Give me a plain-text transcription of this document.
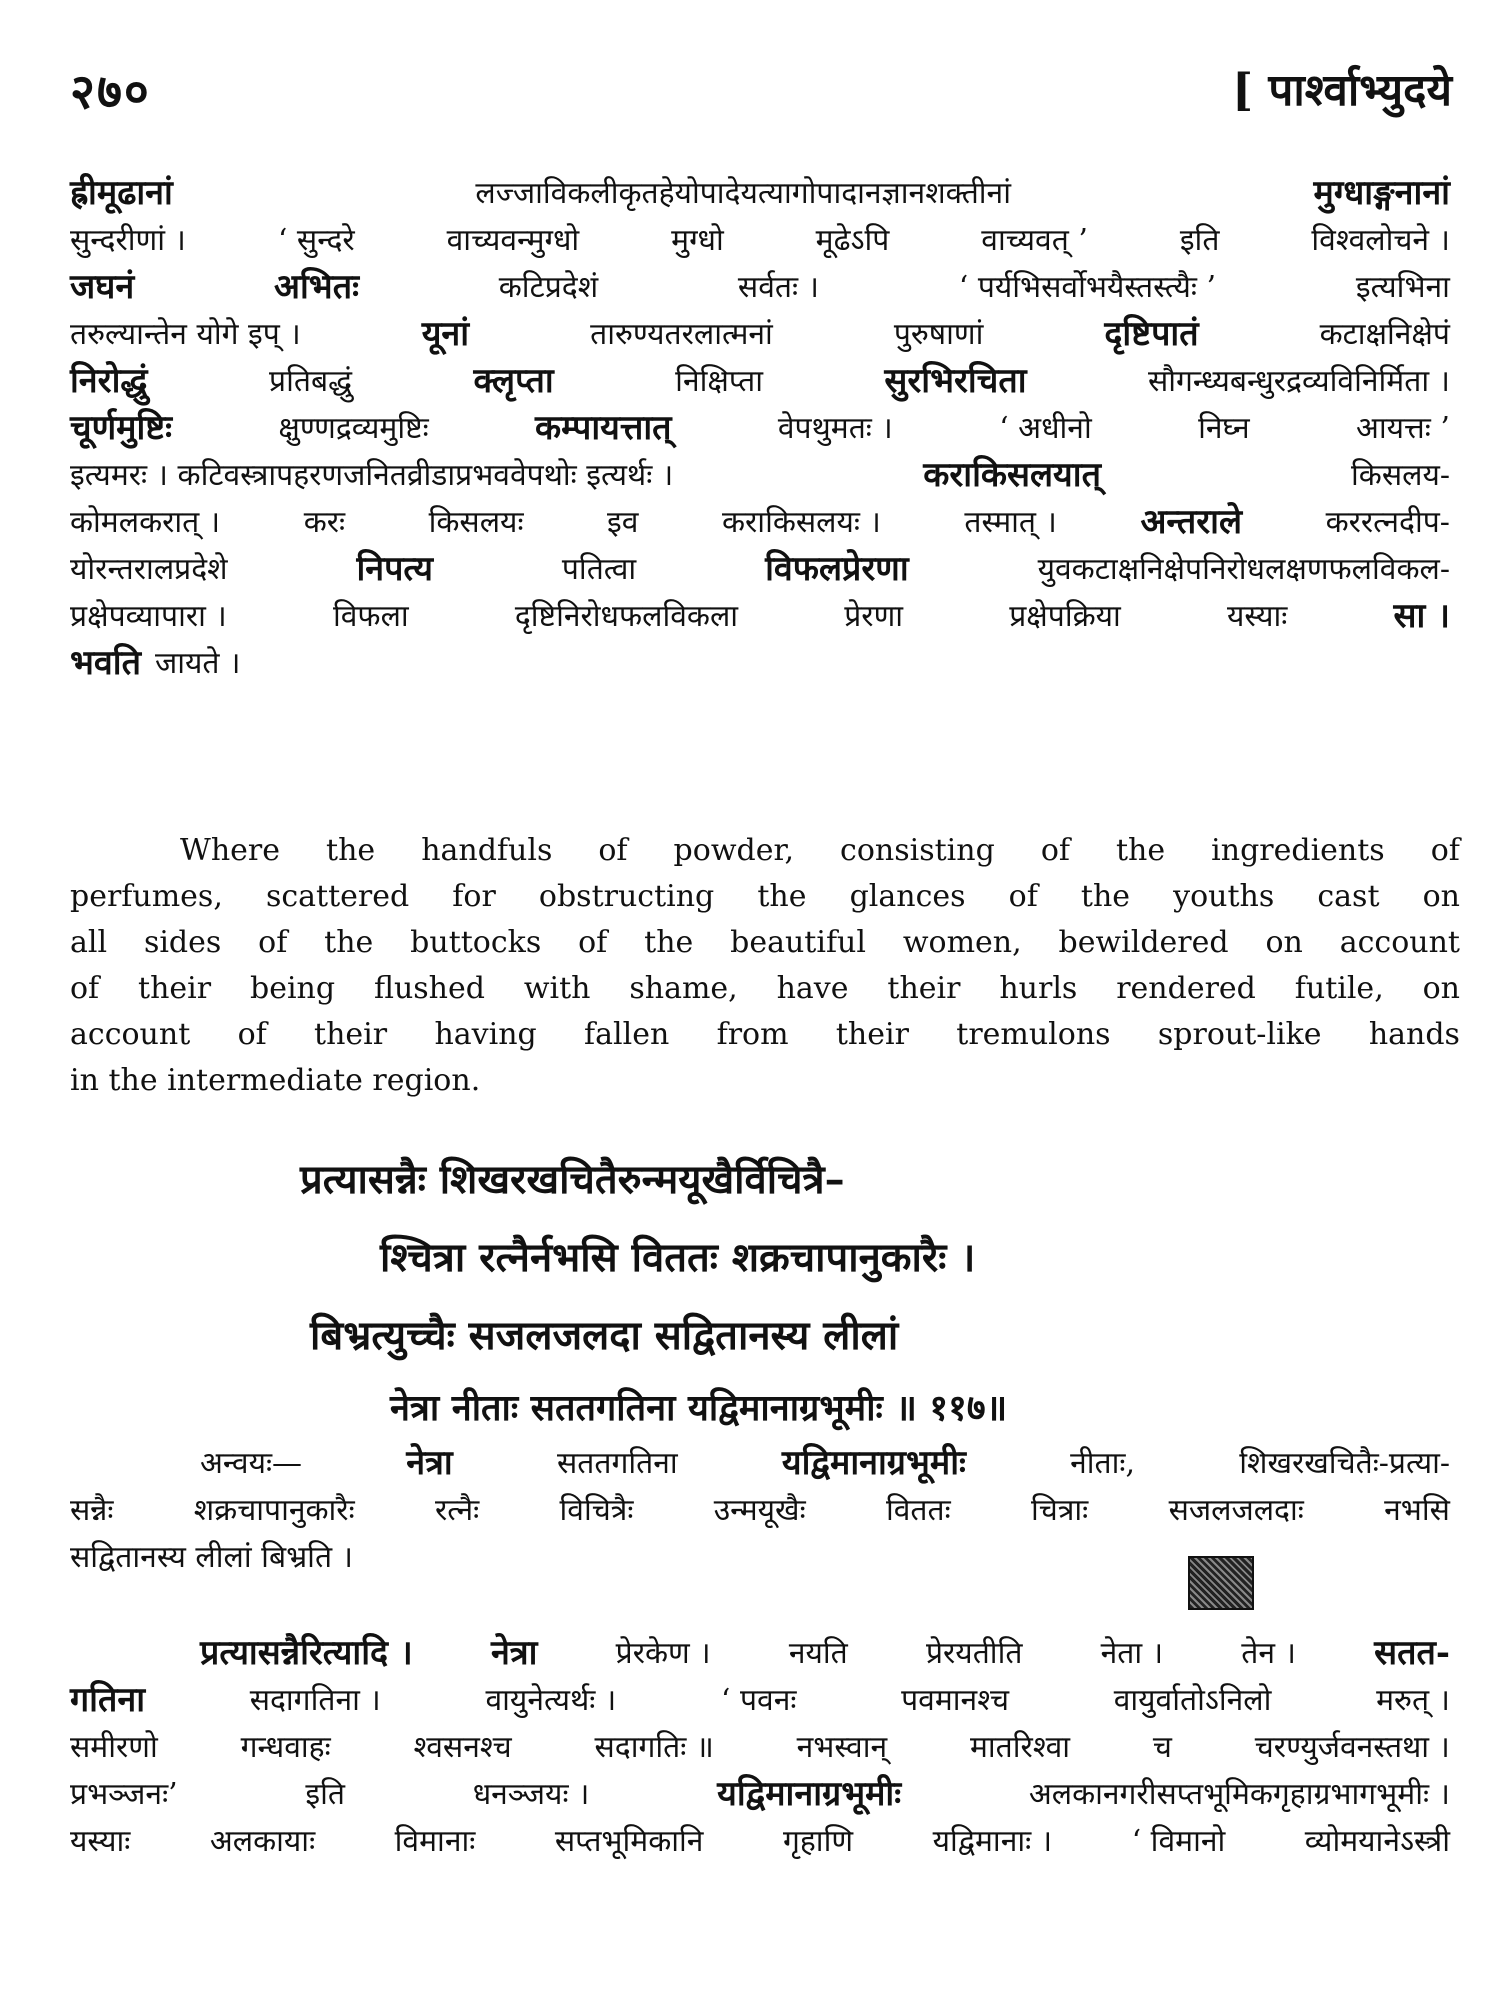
२७०	[ पार्श्वाभ्युदये
ह्रीमूढानां	लज्जाविकलीकृतहेयोपादेयत्यागोपादानज्ञानशक्तीनां	मुग्धाङ्गनानां
सुन्दरीणां ।	‘ सुन्दरे	वाच्यवन्मुग्धो	मुग्धो	मूढेऽपि	वाच्यवत् ’	इति	विश्वलोचने ।
जघनं	अभितः	कटिप्रदेशं	सर्वतः ।	‘ पर्यभिसर्वोभयैस्तस्त्यैः ’	इत्यभिना
तरुल्यान्तेन योगे इप् ।	यूनां	तारुण्यतरलात्मनां	पुरुषाणां	दृष्टिपातं	कटाक्षनिक्षेपं
निरोद्धुं	प्रतिबद्धुं	क्लृप्ता	निक्षिप्ता	सुरभिरचिता	सौगन्ध्यबन्धुरद्रव्यविनिर्मिता ।
चूर्णमुष्टिः	क्षुण्णद्रव्यमुष्टिः	कम्पायत्तात्	वेपथुमतः ।	‘ अधीनो	निघ्न	आयत्तः ’
इत्यमरः । कटिवस्त्रापहरणजनितव्रीडाप्रभववेपथोः इत्यर्थः ।	कराकिसलयात्	किसलय-
कोमलकरात् ।	करः	किसलयः	इव	कराकिसलयः ।	तस्मात् । अन्तराले	कररत्नदीप-
योरन्तरालप्रदेशे	निपत्य	पतित्वा	विफलप्रेरणा	युवकटाक्षनिक्षेपनिरोधलक्षणफलविकल-
प्रक्षेपव्यापारा ।	विफला	दृष्टिनिरोधफलविकला	प्रेरणा	प्रक्षेपक्रिया	यस्याः	सा ।
भवति जायते ।
Where the handfuls of powder, consisting of the ingredients of
perfumes, scattered for obstructing the glances of the youths cast on
all sides of the buttocks of the beautiful women, bewildered on account
of their being flushed with shame, have their hurls rendered futile, on
account of their having fallen from their tremulons sprout-like hands
in the intermediate region.
प्रत्यासन्नैः शिखरखचितैरुन्मयूखैर्विचित्रै–
श्चित्रा रत्नैर्नभसि विततः शक्रचापानुकारैः ।
बिभ्रत्युच्चैः सजलजलदा सद्वितानस्य लीलां
नेत्रा नीताः सततगतिना यद्विमानाग्रभूमीः ॥ ११७॥
अन्वयः—	नेत्रा	सततगतिना	यद्विमानाग्रभूमीः	नीताः,	शिखरखचितैः-प्रत्या-
सन्नैः	शक्रचापानुकारैः	रत्नैः	विचित्रैः	उन्मयूखैः	विततः	चित्राः	सजलजलदाः	नभसि
सद्वितानस्य लीलां बिभ्रति ।
प्रत्यासन्नैरित्यादि । नेत्रा	प्रेरकेण ।	नयति	प्रेरयतीति	नेता ।	तेन । सतत-
गतिना	सदागतिना ।	वायुनेत्यर्थः ।	‘ पवनः	पवमानश्च	वायुर्वातोऽनिलो	मरुत् ।
समीरणो	गन्धवाहः	श्वसनश्च	सदागतिः ॥	नभस्वान्	मातरिश्वा	च	चरण्युर्जवनस्तथा ।
प्रभञ्जनः’	इति	धनञ्जयः ।	यद्विमानाग्रभूमीः	अलकानगरीसप्तभूमिकगृहाग्रभागभूमीः ।
यस्याः	अलकायाः	विमानाः	सप्तभूमिकानि	गृहाणि	यद्विमानाः ।	‘ विमानो	व्योमयानेऽस्त्री
